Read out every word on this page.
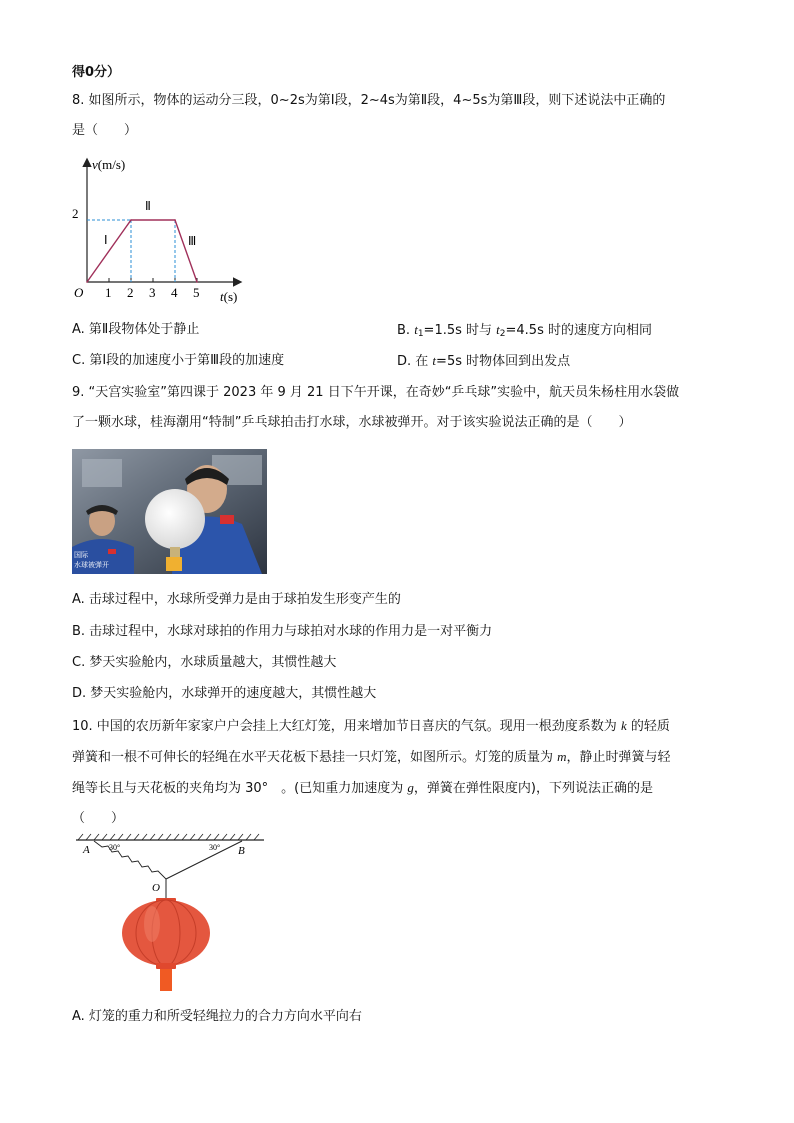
得0分）
8. 如图所示，物体的运动分三段，0~2s为第Ⅰ段，2~4s为第Ⅱ段，4~5s为第Ⅲ段，则下述说法中正确的
是（　　）
v(m/s)
t(s)
O
2
1 2 3 4 5
Ⅰ
Ⅱ
Ⅲ
A. 第Ⅱ段物体处于静止	B. $t_1=1.5s$ 时与 $t_2=4.5s$ 时的速度方向相同
C. 第Ⅰ段的加速度小于第Ⅲ段的加速度	D. 在 t=5s 时物体回到出发点
9. “天宫实验室”第四课于 2023 年 9 月 21 日下午开课，在奇妙“乒乓球”实验中，航天员朱杨柱用水袋做
了一颗水球，桂海潮用“特制”乒乓球拍击打水球，水球被弹开。对于该实验说法正确的是（　　）
国际
水球被弹开
A. 击球过程中，水球所受弹力是由于球拍发生形变产生的
B. 击球过程中，水球对球拍的作用力与球拍对水球的作用力是一对平衡力
C. 梦天实验舱内，水球质量越大，其惯性越大
D. 梦天实验舱内，水球弹开的速度越大，其惯性越大
10. 中国的农历新年家家户户会挂上大红灯笼，用来增加节日喜庆的气氛。现用一根劲度系数为 k 的轻质
弹簧和一根不可伸长的轻绳在水平天花板下悬挂一只灯笼，如图所示。灯笼的质量为 m，静止时弹簧与轻
绳等长且与天花板的夹角均为 30°　。(已知重力加速度为 g，弹簧在弹性限度内)，下列说法正确的是
（　　）
A	B
O
30°	30°
A. 灯笼的重力和所受轻绳拉力的合力方向水平向右
